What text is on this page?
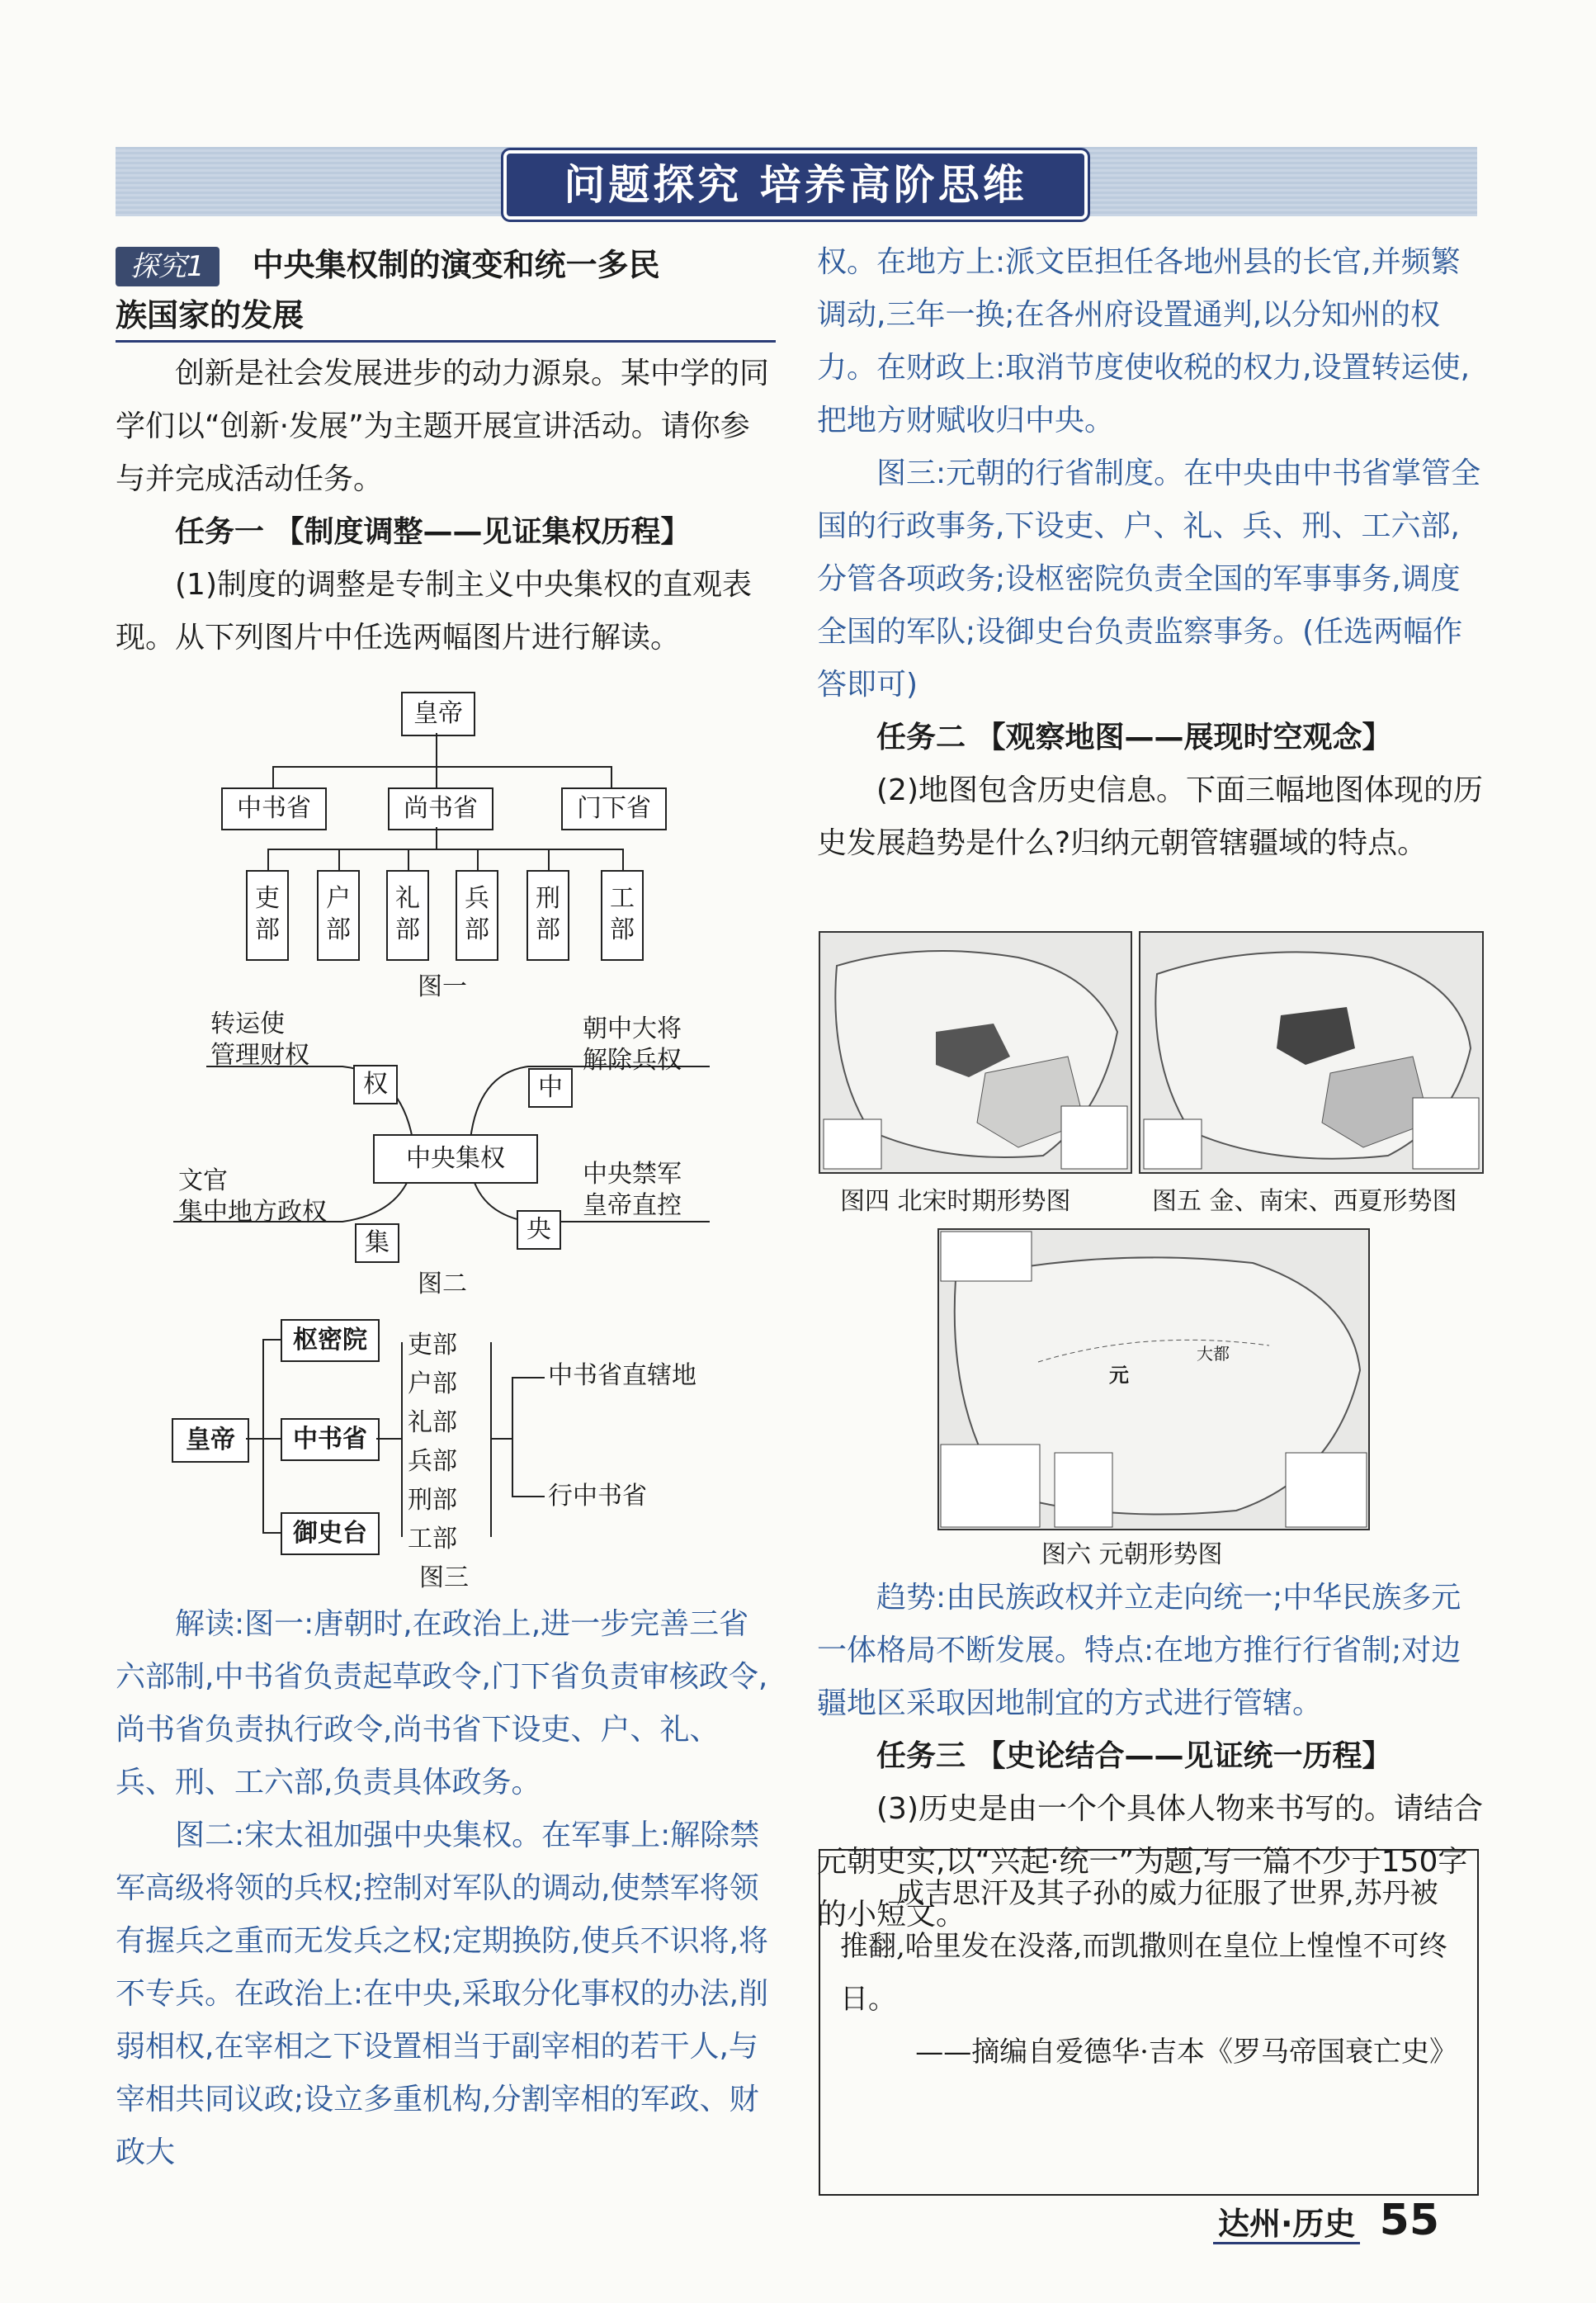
问题探究 培养高阶思维

探究1 中央集权制的演变和统一多民

族国家的发展

创新是社会发展进步的动力源泉。某中学的同学们以“创新·发展”为主题开展宣讲活动。请你参与并完成活动任务。

任务一 【制度调整——见证集权历程】

(1)制度的调整是专制主义中央集权的直观表现。从下列图片中任选两幅图片进行解读。

皇帝
中书省	尚书省	门下省
吏
部
户
部
礼
部
兵
部
刑
部
工
部
图一
转运使
管理财权
朝中大将
解除兵权
文官
集中地方政权
中央禁军
皇帝直控
权	中
集	央
中央集权
图二
皇帝
枢密院
中书省
御史台
吏部
户部
礼部
兵部
刑部
工部
中书省直辖地
行中书省
图三

解读:图一:唐朝时,在政治上,进一步完善三省六部制,中书省负责起草政令,门下省负责审核政令,尚书省负责执行政令,尚书省下设吏、户、礼、兵、刑、工六部,负责具体政务。

图二:宋太祖加强中央集权。在军事上:解除禁军高级将领的兵权;控制对军队的调动,使禁军将领有握兵之重而无发兵之权;定期换防,使兵不识将,将不专兵。在政治上:在中央,采取分化事权的办法,削弱相权,在宰相之下设置相当于副宰相的若干人,与宰相共同议政;设立多重机构,分割宰相的军政、财政大

权。在地方上:派文臣担任各地州县的长官,并频繁调动,三年一换;在各州府设置通判,以分知州的权力。在财政上:取消节度使收税的权力,设置转运使,把地方财赋收归中央。

图三:元朝的行省制度。在中央由中书省掌管全国的行政事务,下设吏、户、礼、兵、刑、工六部,分管各项政务;设枢密院负责全国的军事事务,调度全国的军队;设御史台负责监察事务。(任选两幅作答即可)

任务二 【观察地图——展现时空观念】

(2)地图包含历史信息。下面三幅地图体现的历史发展趋势是什么?归纳元朝管辖疆域的特点。

图四 北宋时期形势图	图五 金、南宋、西夏形势图
元
大都
图六 元朝形势图

趋势:由民族政权并立走向统一;中华民族多元一体格局不断发展。特点:在地方推行行省制;对边疆地区采取因地制宜的方式进行管辖。

任务三 【史论结合——见证统一历程】

(3)历史是由一个个具体人物来书写的。请结合元朝史实,以“兴起·统一”为题,写一篇不少于150字的小短文。

成吉思汗及其子孙的威力征服了世界,苏丹被推翻,哈里发在没落,而凯撒则在皇位上惶惶不可终日。

——摘编自爱德华·吉本《罗马帝国衰亡史》

达州·历史 55
